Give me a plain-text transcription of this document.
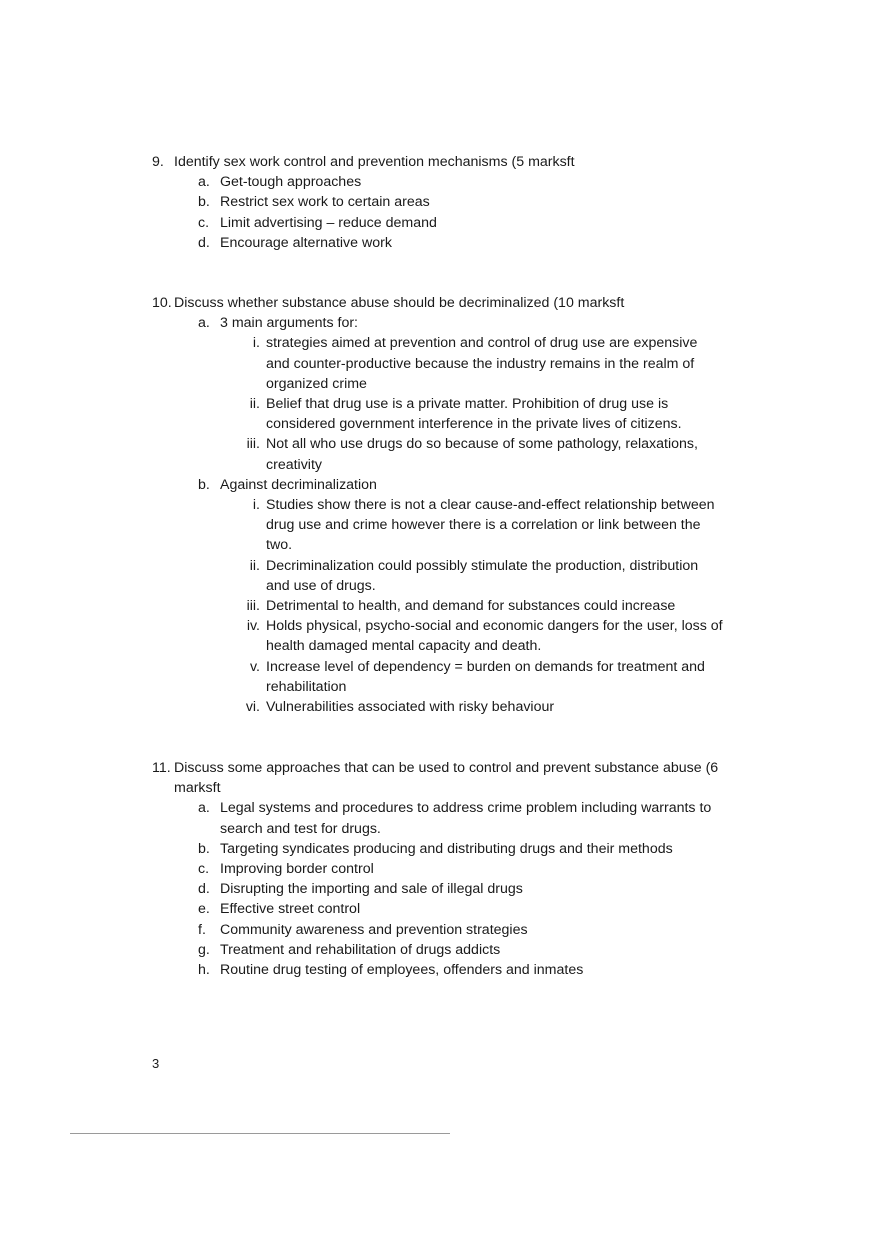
9. Identify sex work control and prevention mechanisms (5 marksft
a. Get-tough approaches
b. Restrict sex work to certain areas
c. Limit advertising – reduce demand
d. Encourage alternative work
10. Discuss whether substance abuse should be decriminalized (10 marksft
a. 3 main arguments for:
i. strategies aimed at prevention and control of drug use are expensive and counter-productive because the industry remains in the realm of organized crime
ii. Belief that drug use is a private matter. Prohibition of drug use is considered government interference in the private lives of citizens.
iii. Not all who use drugs do so because of some pathology, relaxations, creativity
b. Against decriminalization
i. Studies show there is not a clear cause-and-effect relationship between drug use and crime however there is a correlation or link between the two.
ii. Decriminalization could possibly stimulate the production, distribution and use of drugs.
iii. Detrimental to health, and demand for substances could increase
iv. Holds physical, psycho-social and economic dangers for the user, loss of health damaged mental capacity and death.
v. Increase level of dependency = burden on demands for treatment and rehabilitation
vi. Vulnerabilities associated with risky behaviour
11. Discuss some approaches that can be used to control and prevent substance abuse (6 marksft
a. Legal systems and procedures to address crime problem including warrants to search and test for drugs.
b. Targeting syndicates producing and distributing drugs and their methods
c. Improving border control
d. Disrupting the importing and sale of illegal drugs
e. Effective street control
f. Community awareness and prevention strategies
g. Treatment and rehabilitation of drugs addicts
h. Routine drug testing of employees, offenders and inmates
3
